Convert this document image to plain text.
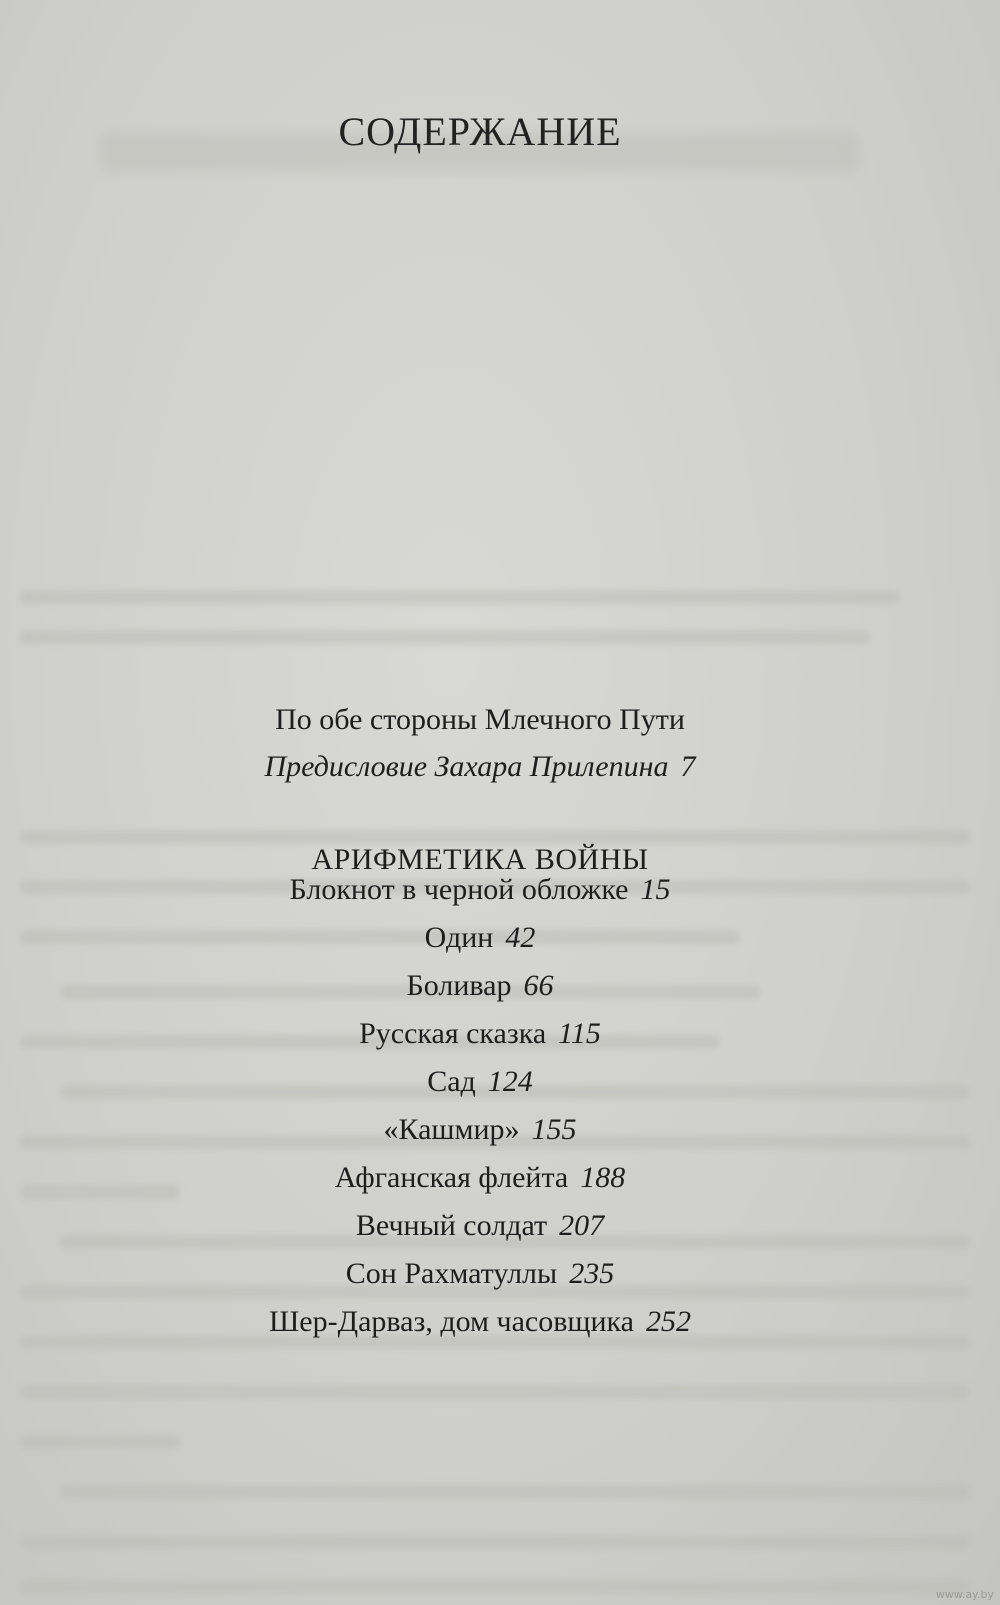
СОДЕРЖАНИЕ
По обе стороны Млечного Пути
Предисловие Захара Прилепина 7
АРИФМЕТИКА ВОЙНЫ
Блокнот в черной обложке 15
Один 42
Боливар 66
Русская сказка 115
Сад 124
«Кашмир» 155
Афганская флейта 188
Вечный солдат 207
Сон Рахматуллы 235
Шер-Дарваз, дом часовщика 252
www.ay.by
